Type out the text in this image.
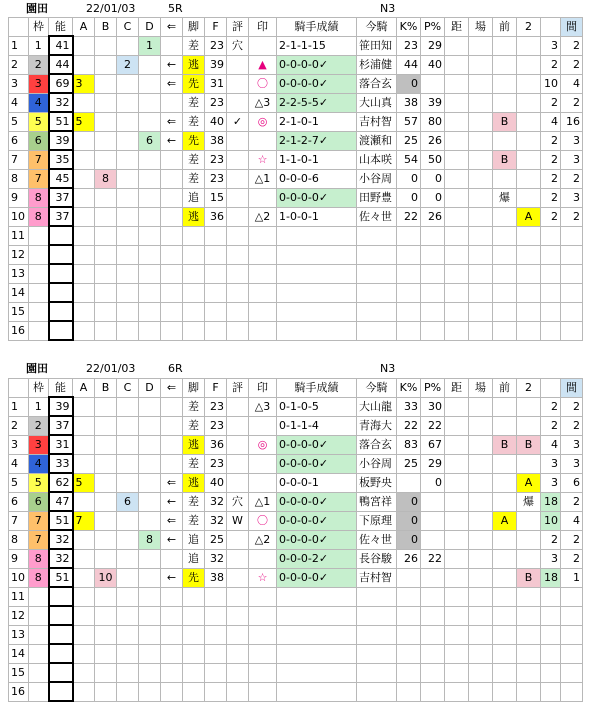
園田	22/01/03	5R	N3
	枠	能	A	B	C	D	⇐	脚	F	評	印	騎手成績	今騎	K%	P%	距	場	前	2		間
1	1	41				1		差	23	穴		2-1-1-15	笹田知	23	29					3	2
2	2	44			2		←	逃	39		▲	0-0-0-0✓	杉浦健	44	40					2	2
3	3	69	3				⇐	先	31		〇	0-0-0-0✓	落合玄	0						10	4
4	4	32						差	23		△3	2-2-5-5✓	大山真	38	39					2	2
5	5	51	5				⇐	差	40	✓	◎	2-1-0-1	吉村智	57	80			B		4	16
6	6	39				6	←	先	38			2-1-2-7✓	渡瀬和	25	26					2	3
7	7	35						差	23		☆	1-1-0-1	山本咲	54	50			B		2	3
8	7	45		8				差	23		△1	0-0-0-6	小谷周	0	0					2	2
9	8	37						追	15			0-0-0-0✓	田野豊	0	0			爆		2	3
10	8	37						逃	36		△2	1-0-0-1	佐々世	22	26				A	2	2
11																					
12																					
13																					
14																					
15																					
16																					
園田	22/01/03	6R	N3
	枠	能	A	B	C	D	⇐	脚	F	評	印	騎手成績	今騎	K%	P%	距	場	前	2		間
1	1	39						差	23		△3	0-1-0-5	大山龍	33	30					2	2
2	2	37						差	23			0-1-1-4	青海大	22	22					2	2
3	3	31						逃	36		◎	0-0-0-0✓	落合玄	83	67			B	B	4	3
4	4	33						差	23			0-0-0-0✓	小谷周	25	29					3	3
5	5	62	5				⇐	逃	40			0-0-0-1	板野央		0				A	3	6
6	6	47			6		←	差	32	穴	△1	0-0-0-0✓	鴨宮祥	0					爆	18	2
7	7	51	7				⇐	差	32	W	〇	0-0-0-0✓	下原理	0				A		10	4
8	7	32				8	←	追	25		△2	0-0-0-0✓	佐々世	0						2	2
9	8	32						追	32			0-0-0-2✓	長谷駿	26	22					3	2
10	8	51		10			←	先	38		☆	0-0-0-0✓	吉村智						B	18	1
11																					
12																					
13																					
14																					
15																					
16																					
